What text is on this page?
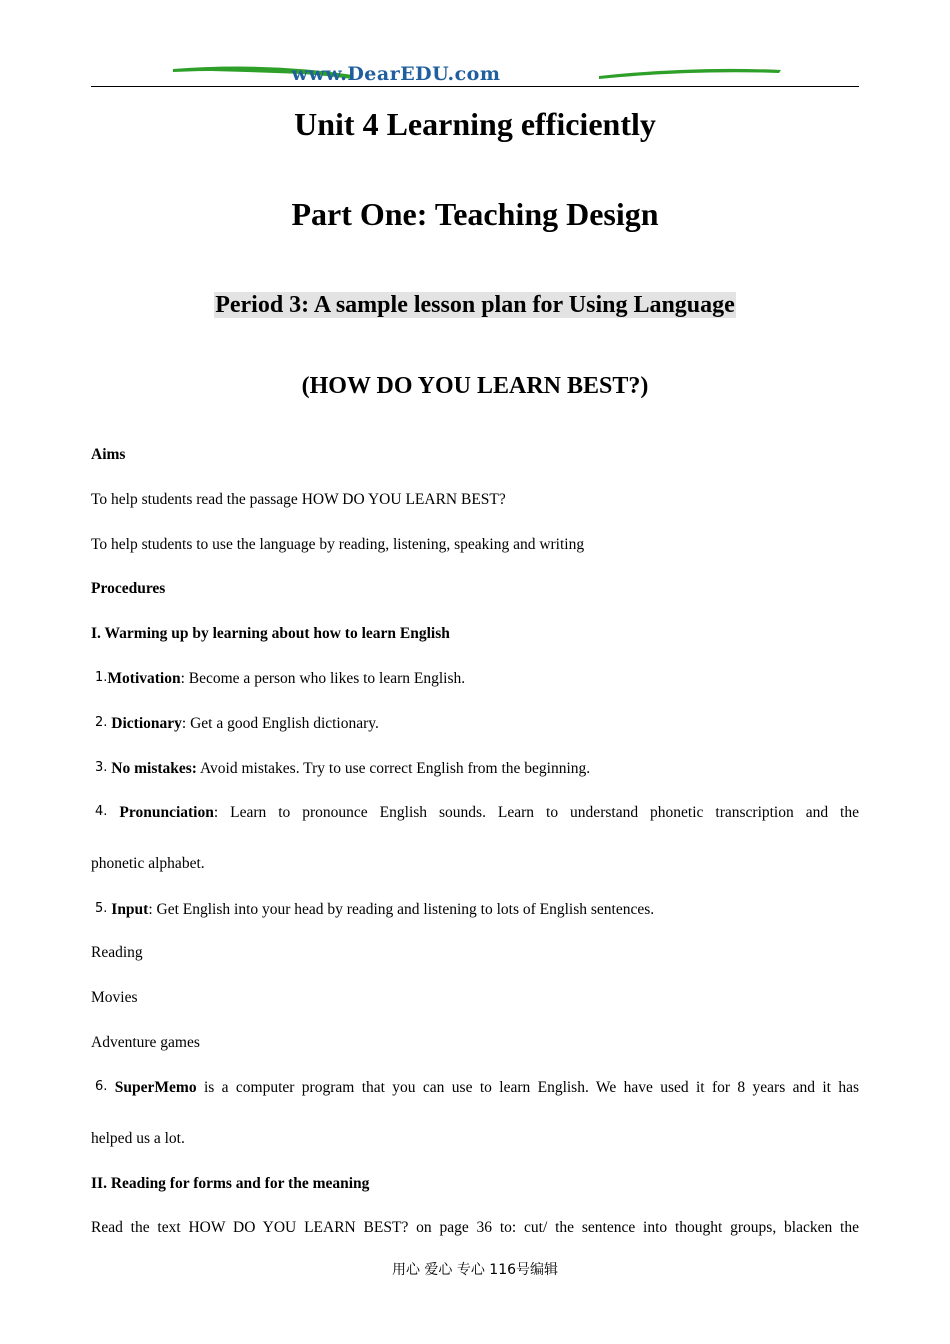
www.DearEDU.com
Unit 4 Learning efficiently
Part One: Teaching Design
Period 3: A sample lesson plan for Using Language
(HOW DO YOU LEARN BEST?)
Aims
To help students read the passage HOW DO YOU LEARN BEST?
To help students to use the language by reading, listening, speaking and writing
Procedures
I. Warming up by learning about how to learn English
1.Motivation: Become a person who likes to learn English.
2. Dictionary: Get a good English dictionary.
3. No mistakes: Avoid mistakes. Try to use correct English from the beginning.
4. Pronunciation: Learn to pronounce English sounds. Learn to understand phonetic transcription and the
phonetic alphabet.
5. Input: Get English into your head by reading and listening to lots of English sentences.
Reading
Movies
Adventure games
6. SuperMemo is a computer program that you can use to learn English. We have used it for 8 years and it has
helped us a lot.
II. Reading for forms and for the meaning
Read the text HOW DO YOU LEARN BEST? on page 36 to: cut/ the sentence into thought groups, blacken the
用心 爱心 专心 116号编辑
